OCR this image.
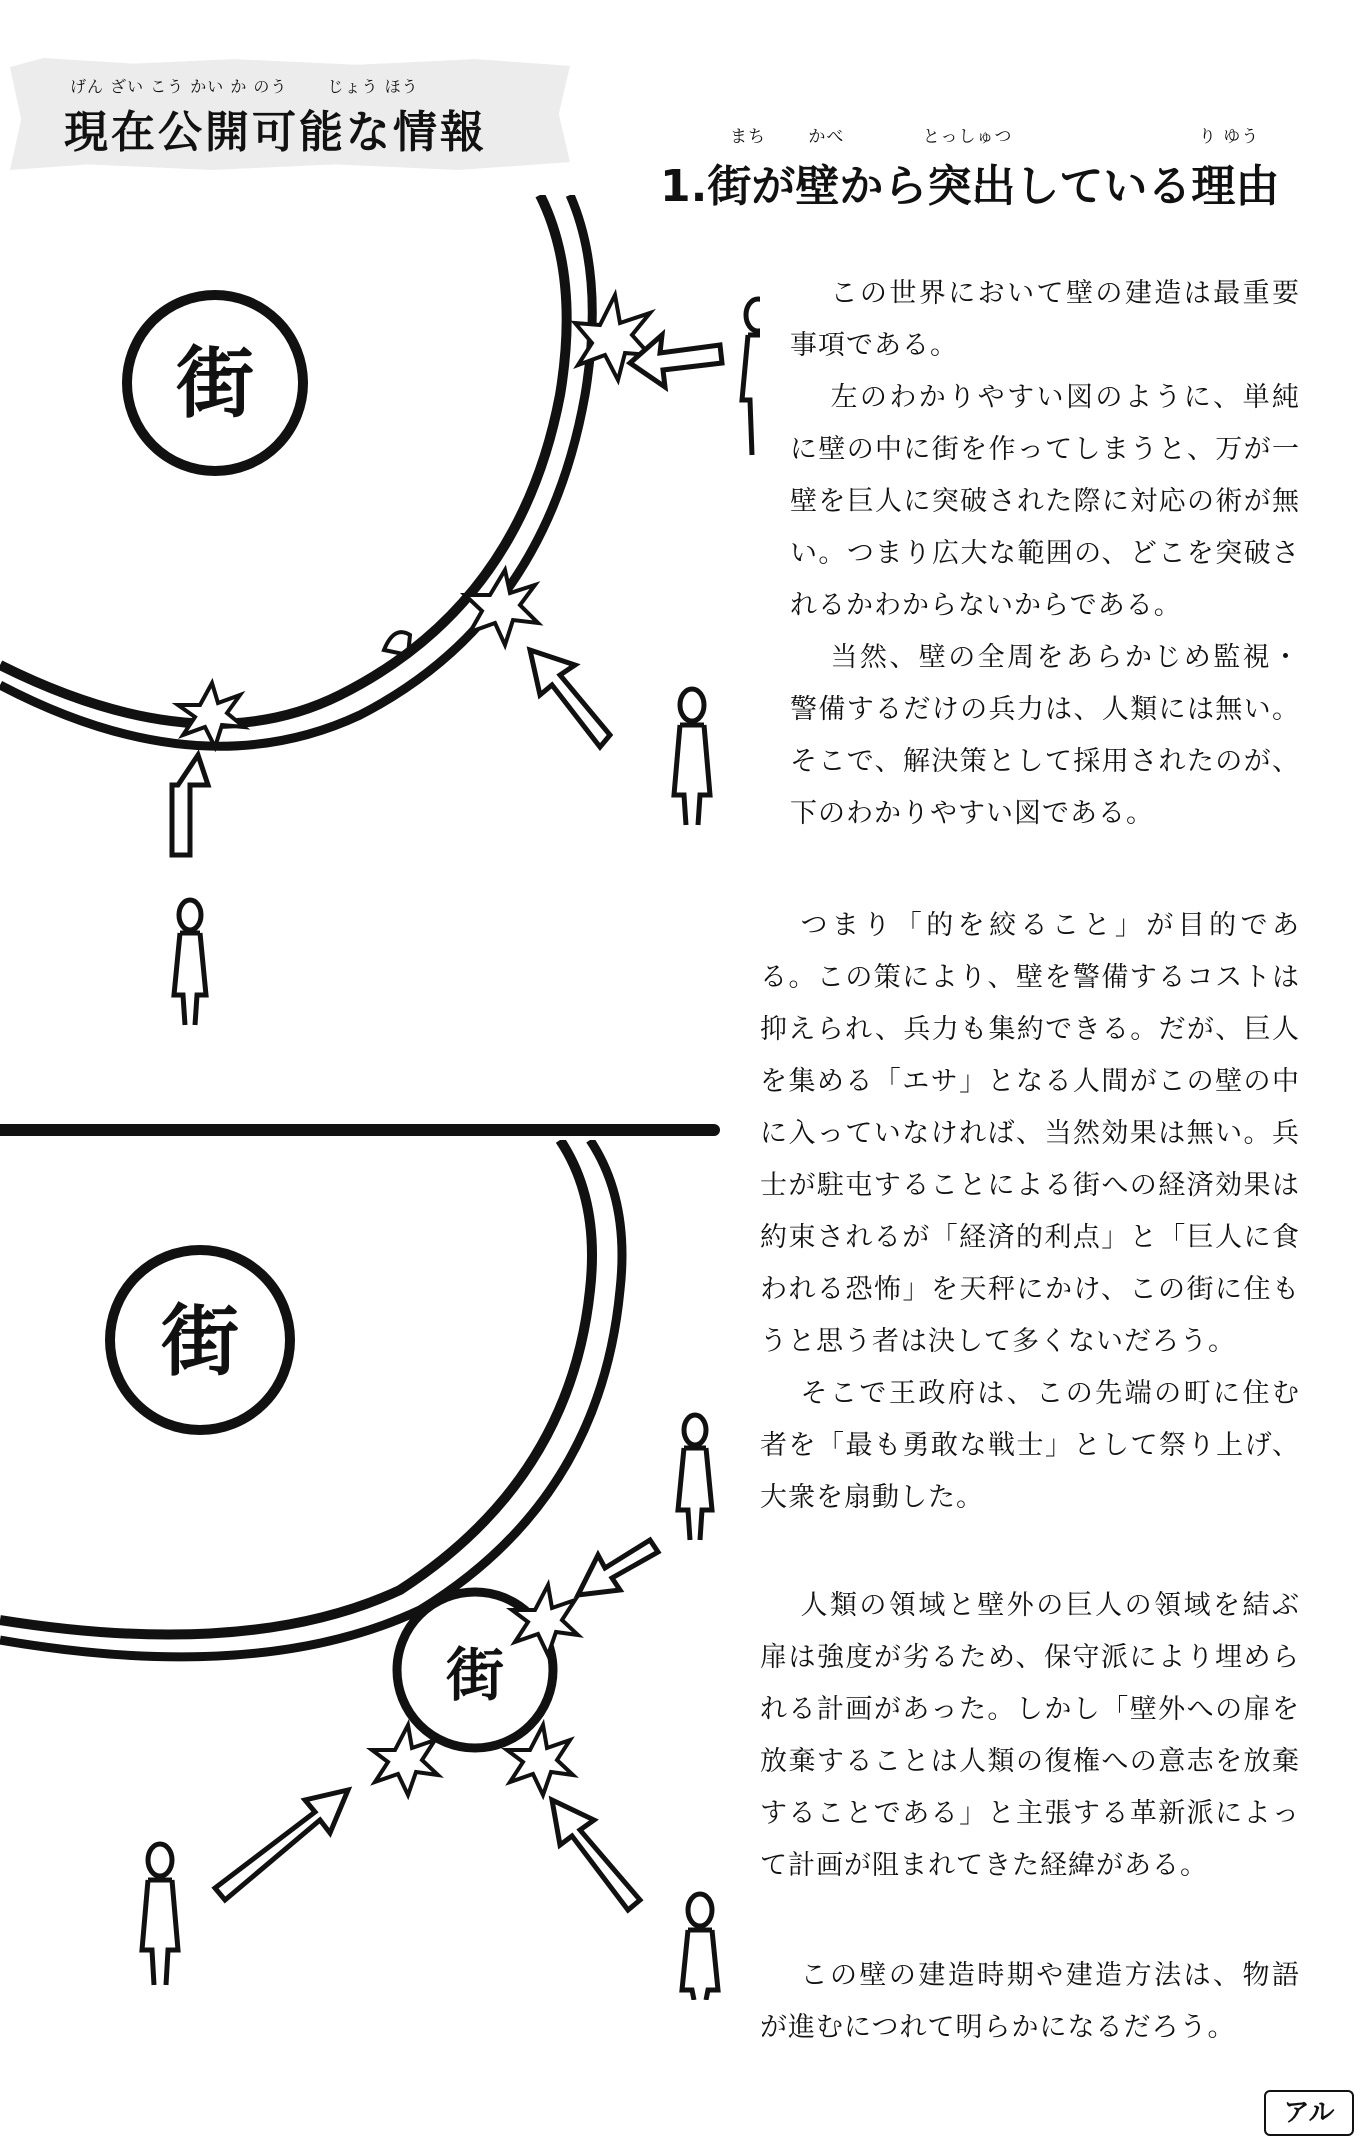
げん ざい こう かい か のう　　 じょう ほう
現在公開可能な情報	まち　　 かべ　　　　 とっしゅつ　　　　　　　　　　 り ゆう
1.街が壁から突出している理由
街
街
街

この世界において壁の建造は最重要事項である。

左のわかりやすい図のように、単純に壁の中に街を作ってしまうと、万が一壁を巨人に突破された際に対応の術が無い。つまり広大な範囲の、どこを突破されるかわからないからである。

当然、壁の全周をあらかじめ監視・警備するだけの兵力は、人類には無い。そこで、解決策として採用されたのが、下のわかりやすい図である。

つまり「的を絞ること」が目的である。この策により、壁を警備するコストは抑えられ、兵力も集約できる。だが、巨人を集める「エサ」となる人間がこの壁の中に入っていなければ、当然効果は無い。兵士が駐屯することによる街への経済効果は約束されるが「経済的利点」と「巨人に食われる恐怖」を天秤にかけ、この街に住もうと思う者は決して多くないだろう。

そこで王政府は、この先端の町に住む者を「最も勇敢な戦士」として祭り上げ、大衆を扇動した。

人類の領域と壁外の巨人の領域を結ぶ扉は強度が劣るため、保守派により埋められる計画があった。しかし「壁外への扉を放棄することは人類の復権への意志を放棄することである」と主張する革新派によって計画が阻まれてきた経緯がある。

この壁の建造時期や建造方法は、物語が進むにつれて明らかになるだろう。

アル
